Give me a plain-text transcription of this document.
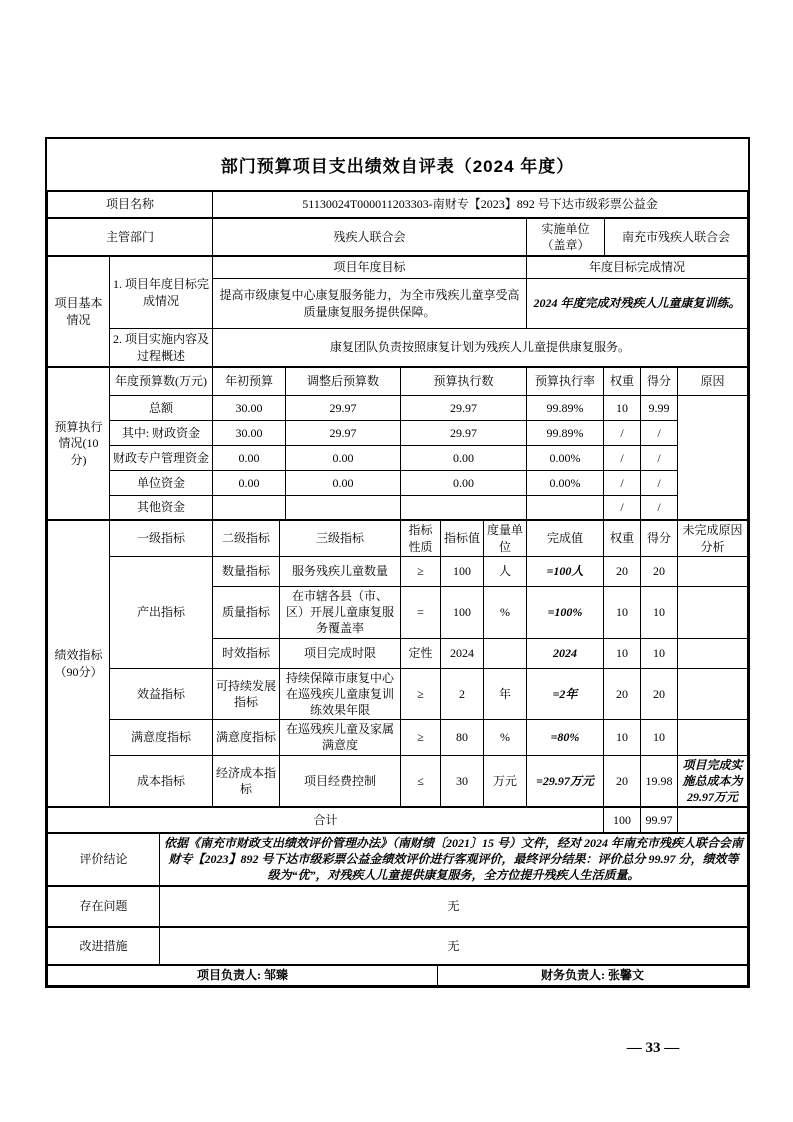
部门预算项目支出绩效自评表（2024 年度）
项目名称	51130024T000011203303-南财专【2023】892 号下达市级彩票公益金
主管部门	残疾人联合会	实施单位（盖章）	南充市残疾人联合会
项目基本情况	1. 项目年度目标完成情况	项目年度目标	年度目标完成情况
		提高市级康复中心康复服务能力，为全市残疾儿童享受高质量康复服务提供保障。	2024 年度完成对残疾人儿童康复训练。
	2. 项目实施内容及过程概述	康复团队负责按照康复计划为残疾人儿童提供康复服务。	
预算执行情况(10分)	年度预算数(万元)	年初预算	调整后预算数	预算执行数	预算执行率	权重	得分	原因
	总额	30.00	29.97	29.97	99.89%	10	9.99	
	其中: 财政资金	30.00	29.97	29.97	99.89%	/	/	
	财政专户管理资金	0.00	0.00	0.00	0.00%	/	/	
	单位资金	0.00	0.00	0.00	0.00%	/	/	
	其他资金					/	/	
绩效指标（90分）	一级指标	二级指标	三级指标	指标性质	指标值	度量单位	完成值	权重	得分	未完成原因分析
	产出指标	数量指标	服务残疾儿童数量	≥	100	人	=100人	20	20	
		质量指标	在市辖各县（市、区）开展儿童康复服务覆盖率	=	100	%	=100%	10	10	
		时效指标	项目完成时限	定性	2024		2024	10	10	
	效益指标	可持续发展指标	持续保障市康复中心在巡残疾儿童康复训练效果年限	≥	2	年	=2年	20	20	
	满意度指标	满意度指标	在巡残疾儿童及家属满意度	≥	80	%	=80%	10	10	
	成本指标	经济成本指标	项目经费控制	≤	30	万元	=29.97万元	20	19.98	项目完成实施总成本为29.97万元
合计	100	99.97	
评价结论	依据《南充市财政支出绩效评价管理办法》（南财绩〔2021〕15 号）文件，经对 2024 年南充市残疾人联合会南财专【2023】892 号下达市级彩票公益金绩效评价进行客观评价，最终评分结果：评价总分 99.97 分，绩效等级为“优”，对残疾人儿童提供康复服务，全方位提升残疾人生活质量。
存在问题	无
改进措施	无
项目负责人: 邹臻	财务负责人: 张馨文
— 33 —
